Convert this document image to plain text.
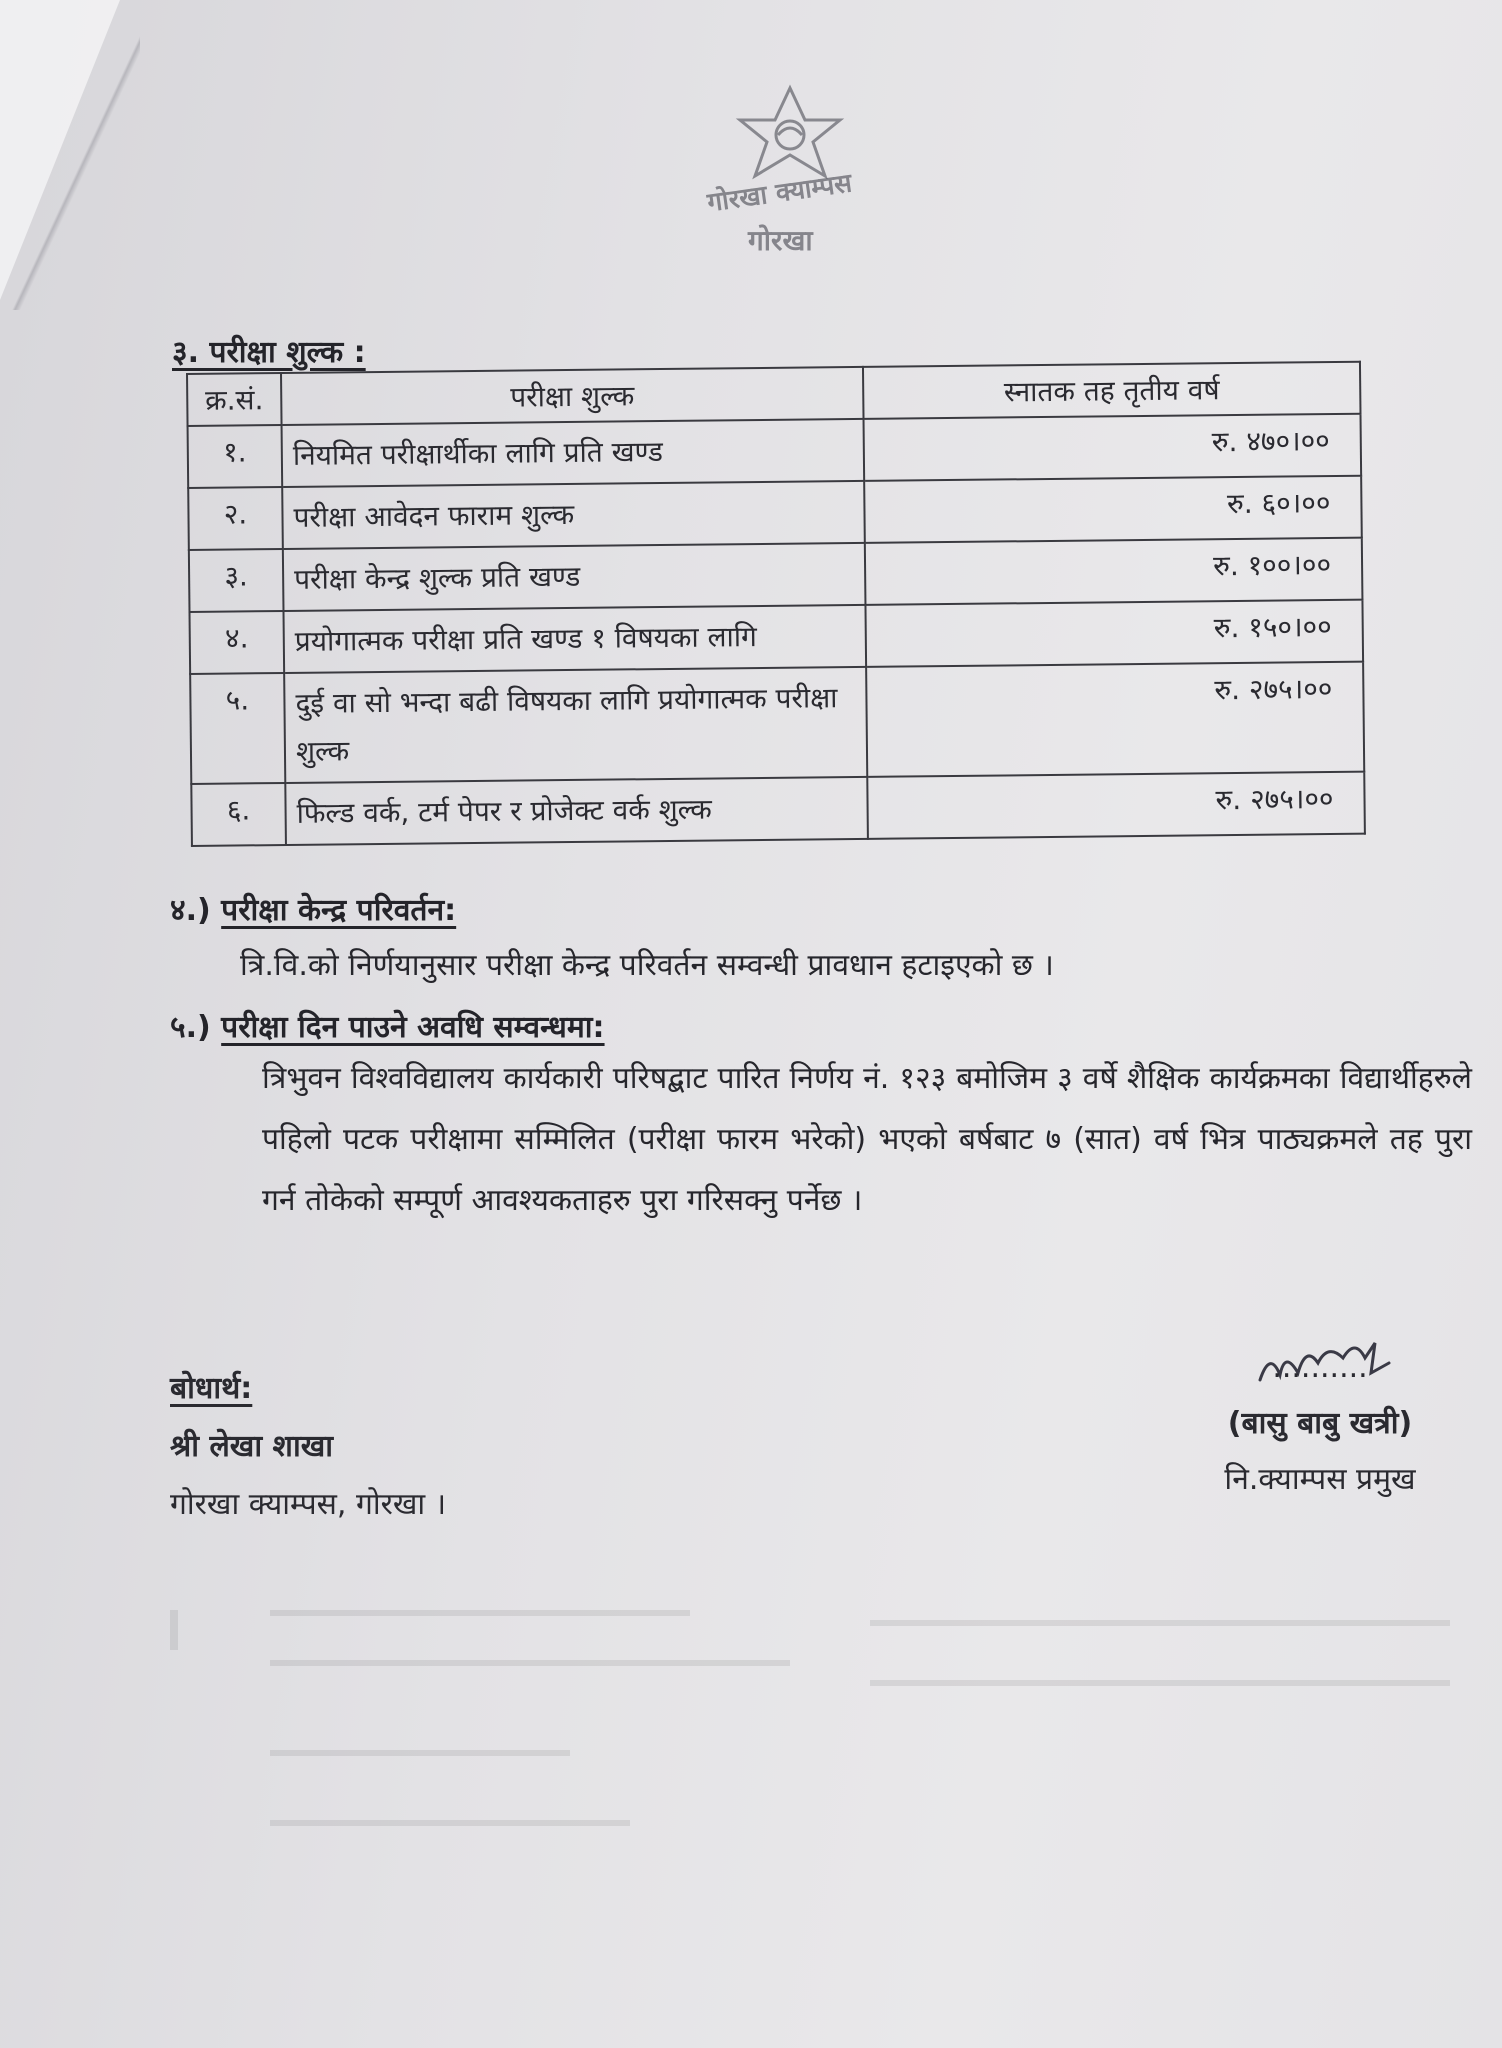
गोरखा क्याम्पस
गोरखा
३. परीक्षा शुल्क :
क्र.सं.	परीक्षा शुल्क	स्नातक तह तृतीय वर्ष
१.	नियमित परीक्षार्थीका लागि प्रति खण्ड	रु. ४७०।००
२.	परीक्षा आवेदन फाराम शुल्क	रु. ६०।००
३.	परीक्षा केन्द्र शुल्क प्रति खण्ड	रु. १००।००
४.	प्रयोगात्मक परीक्षा प्रति खण्ड १ विषयका लागि	रु. १५०।००
५.	दुई वा सो भन्दा बढी विषयका लागि प्रयोगात्मक परीक्षा शुल्क	रु. २७५।००
६.	फिल्ड वर्क, टर्म पेपर र प्रोजेक्ट वर्क शुल्क	रु. २७५।००
४.) परीक्षा केन्द्र परिवर्तन:
त्रि.वि.को निर्णयानुसार परीक्षा केन्द्र परिवर्तन सम्वन्धी प्रावधान हटाइएको छ ।
५.) परीक्षा दिन पाउने अवधि सम्वन्धमा:
त्रिभुवन विश्वविद्यालय कार्यकारी परिषद्बाट पारित निर्णय नं. १२३ बमोजिम ३ वर्षे शैक्षिक कार्यक्रमका विद्यार्थीहरुले पहिलो पटक परीक्षामा सम्मिलित (परीक्षा फारम भरेको) भएको बर्षबाट ७ (सात) वर्ष भित्र पाठ्यक्रमले तह पुरा गर्न तोकेको सम्पूर्ण आवश्यकताहरु पुरा गरिसक्नु पर्नेछ ।
बोधार्थ:
श्री लेखा शाखा
गोरखा क्याम्पस, गोरखा ।
..........
(बासु बाबु खत्री)
नि.क्याम्पस प्रमुख
